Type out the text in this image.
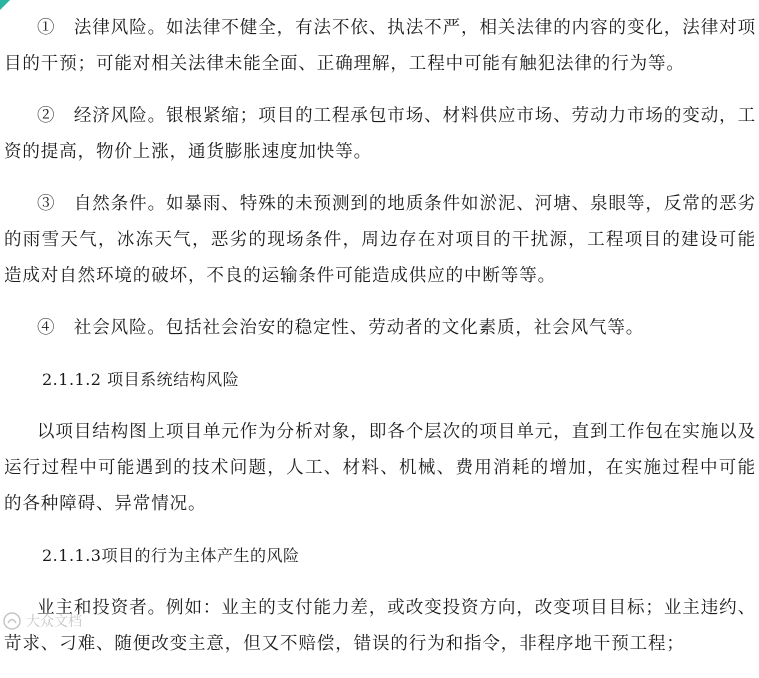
①　法律风险。如法律不健全，有法不依、执法不严，相关法律的内容的变化，法律对项目的干预；可能对相关法律未能全面、正确理解，工程中可能有触犯法律的行为等。

②　经济风险。银根紧缩；项目的工程承包市场、材料供应市场、劳动力市场的变动，工资的提高，物价上涨，通货膨胀速度加快等。

③　自然条件。如暴雨、特殊的未预测到的地质条件如淤泥、河塘、泉眼等，反常的恶劣的雨雪天气，冰冻天气，恶劣的现场条件，周边存在对项目的干扰源，工程项目的建设可能造成对自然环境的破坏，不良的运输条件可能造成供应的中断等等。

④　社会风险。包括社会治安的稳定性、劳动者的文化素质，社会风气等。

2.1.1.2 项目系统结构风险

以项目结构图上项目单元作为分析对象，即各个层次的项目单元，直到工作包在实施以及运行过程中可能遇到的技术问题，人工、材料、机械、费用消耗的增加，在实施过程中可能的各种障碍、异常情况。

2.1.1.3项目的行为主体产生的风险

业主和投资者。例如：业主的支付能力差，或改变投资方向，改变项目目标；业主违约、苛求、刁难、随便改变主意，但又不赔偿，错误的行为和指令，非程序地干预工程；

大众文档
